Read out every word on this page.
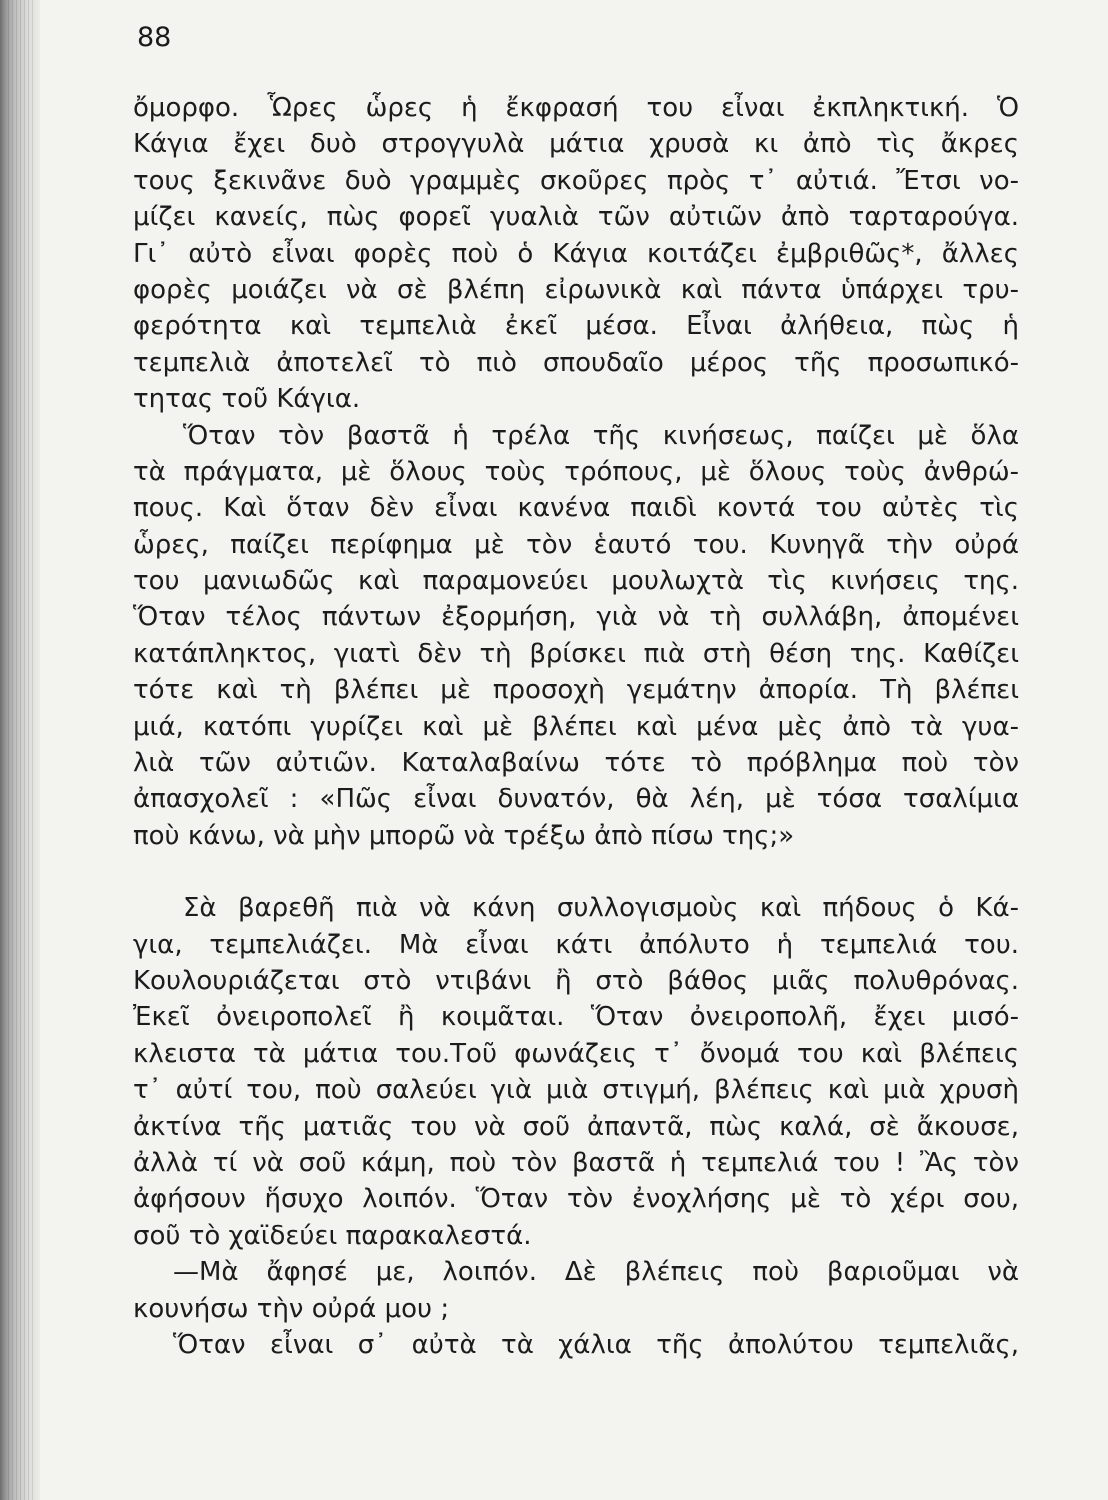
88
ὄμορφο. Ὧρες ὧρες ἡ ἔκφρασή του εἶναι ἐκπληκτική. Ὁ
Κάγια ἔχει δυὸ στρογγυλὰ μάτια χρυσὰ κι ἀπὸ τὶς ἄκρες
τους ξεκινᾶνε δυὸ γραμμὲς σκοῦρες πρὸς τ᾽ αὐτιά. Ἔτσι νο-
μίζει κανείς, πὼς φορεῖ γυαλιὰ τῶν αὐτιῶν ἀπὸ ταρταρούγα.
Γι᾽ αὐτὸ εἶναι φορὲς ποὺ ὁ Κάγια κοιτάζει ἐμβριθῶς*, ἄλλες
φορὲς μοιάζει νὰ σὲ βλέπη εἰρωνικὰ καὶ πάντα ὑπάρχει τρυ-
φερότητα καὶ τεμπελιὰ ἐκεῖ μέσα. Εἶναι ἀλήθεια, πὼς ἡ
τεμπελιὰ ἀποτελεῖ τὸ πιὸ σπουδαῖο μέρος τῆς προσωπικό-
τητας τοῦ Κάγια.
Ὅταν τὸν βαστᾶ ἡ τρέλα τῆς κινήσεως, παίζει μὲ ὅλα
τὰ πράγματα, μὲ ὅλους τοὺς τρόπους, μὲ ὅλους τοὺς ἀνθρώ-
πους. Καὶ ὅταν δὲν εἶναι κανένα παιδὶ κοντά του αὐτὲς τὶς
ὧρες, παίζει περίφημα μὲ τὸν ἑαυτό του. Κυνηγᾶ τὴν οὐρά
του μανιωδῶς καὶ παραμονεύει μουλωχτὰ τὶς κινήσεις της.
Ὅταν τέλος πάντων ἐξορμήση, γιὰ νὰ τὴ συλλάβη, ἀπομένει
κατάπληκτος, γιατὶ δὲν τὴ βρίσκει πιὰ στὴ θέση της. Καθίζει
τότε καὶ τὴ βλέπει μὲ προσοχὴ γεμάτην ἀπορία. Τὴ βλέπει
μιά, κατόπι γυρίζει καὶ μὲ βλέπει καὶ μένα μὲς ἀπὸ τὰ γυα-
λιὰ τῶν αὐτιῶν. Καταλαβαίνω τότε τὸ πρόβλημα ποὺ τὸν
ἀπασχολεῖ : «Πῶς εἶναι δυνατόν, θὰ λέη, μὲ τόσα τσαλίμια
ποὺ κάνω, νὰ μὴν μπορῶ νὰ τρέξω ἀπὸ πίσω της;»
Σὰ βαρεθῆ πιὰ νὰ κάνη συλλογισμοὺς καὶ πήδους ὁ Κά-
για, τεμπελιάζει. Μὰ εἶναι κάτι ἀπόλυτο ἡ τεμπελιά του.
Κουλουριάζεται στὸ ντιβάνι ἢ στὸ βάθος μιᾶς πολυθρόνας.
Ἐκεῖ ὀνειροπολεῖ ἢ κοιμᾶται. Ὅταν ὀνειροπολῆ, ἔχει μισό-
κλειστα τὰ μάτια του.Τοῦ φωνάζεις τ᾽ ὄνομά του καὶ βλέπεις
τ᾽ αὐτί του, ποὺ σαλεύει γιὰ μιὰ στιγμή, βλέπεις καὶ μιὰ χρυσὴ
ἀκτίνα τῆς ματιᾶς του νὰ σοῦ ἀπαντᾶ, πὼς καλά, σὲ ἄκουσε,
ἀλλὰ τί νὰ σοῦ κάμη, ποὺ τὸν βαστᾶ ἡ τεμπελιά του ! Ἂς τὸν
ἀφήσουν ἥσυχο λοιπόν. Ὅταν τὸν ἐνοχλήσης μὲ τὸ χέρι σου,
σοῦ τὸ χαϊδεύει παρακαλεστά.
—Μὰ ἄφησέ με, λοιπόν. Δὲ βλέπεις ποὺ βαριοῦμαι νὰ
κουνήσω τὴν οὐρά μου ;
Ὅταν εἶναι σ᾽ αὐτὰ τὰ χάλια τῆς ἀπολύτου τεμπελιᾶς,
